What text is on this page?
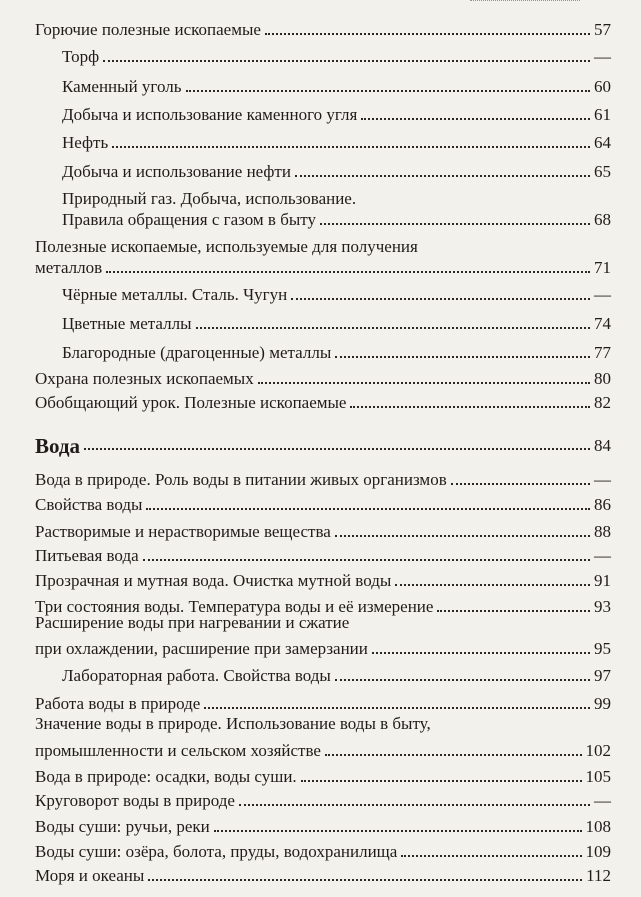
Горючие полезные ископаемые	57
Торф	—
Каменный уголь	60
Добыча и использование каменного угля	61
Нефть	64
Добыча и использование нефти	65
Природный газ. Добыча, использование.
Правила обращения с газом в быту	68
Полезные ископаемые, используемые для получения
металлов	71
Чёрные металлы. Сталь. Чугун	—
Цветные металлы	74
Благородные (драгоценные) металлы	77
Охрана полезных ископаемых	80
Обобщающий урок. Полезные ископаемые	82
Вода	84
Вода в природе. Роль воды в питании живых организмов	—
Свойства воды	86
Растворимые и нерастворимые вещества	88
Питьевая вода	—
Прозрачная и мутная вода. Очистка мутной воды	91
Три состояния воды. Температура воды и её измерение	93
Расширение воды при нагревании и сжатие
при охлаждении, расширение при замерзании	95
Лабораторная работа. Свойства воды	97
Работа воды в природе	99
Значение воды в природе. Использование воды в быту,
промышленности и сельском хозяйстве	102
Вода в природе: осадки, воды суши.	105
Круговорот воды в природе	—
Воды суши: ручьи, реки	108
Воды суши: озёра, болота, пруды, водохранилища	109
Моря и океаны	112
